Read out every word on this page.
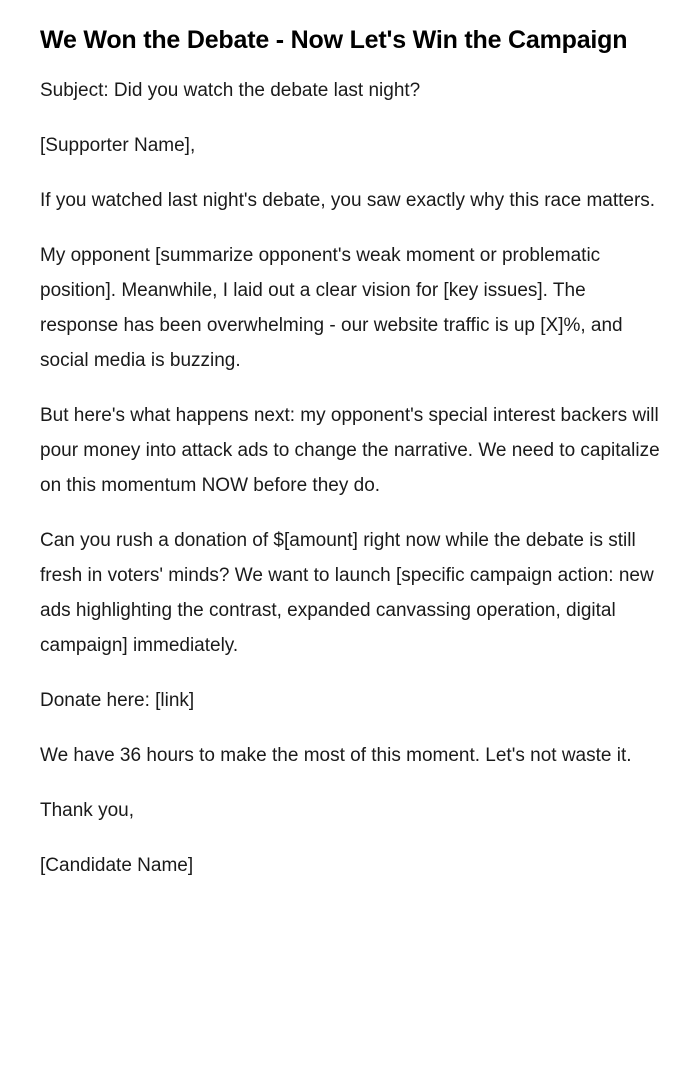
We Won the Debate - Now Let's Win the Campaign

Subject: Did you watch the debate last night?

[Supporter Name],

If you watched last night's debate, you saw exactly why this race matters.

My opponent [summarize opponent's weak moment or problematic position]. Meanwhile, I laid out a clear vision for [key issues]. The response has been overwhelming - our website traffic is up [X]%, and social media is buzzing.

But here's what happens next: my opponent's special interest backers will pour money into attack ads to change the narrative. We need to capitalize on this momentum NOW before they do.

Can you rush a donation of $[amount] right now while the debate is still fresh in voters' minds? We want to launch [specific campaign action: new ads highlighting the contrast, expanded canvassing operation, digital campaign] immediately.

Donate here: [link]

We have 36 hours to make the most of this moment. Let's not waste it.

Thank you,

[Candidate Name]
